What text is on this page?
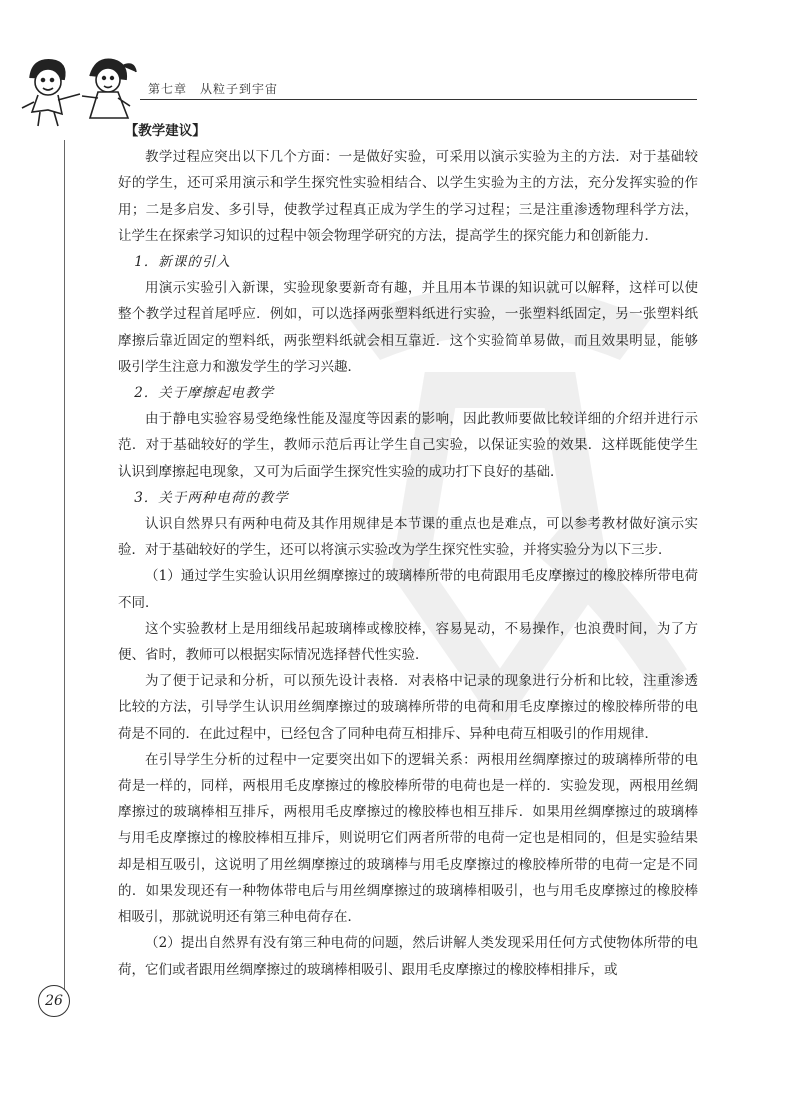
第七章　从粒子到宇宙

【教学建议】

教学过程应突出以下几个方面：一是做好实验，可采用以演示实验为主的方法．对于基础较好的学生，还可采用演示和学生探究性实验相结合、以学生实验为主的方法，充分发挥实验的作用；二是多启发、多引导，使教学过程真正成为学生的学习过程；三是注重渗透物理科学方法，让学生在探索学习知识的过程中领会物理学研究的方法，提高学生的探究能力和创新能力．

1．新课的引入

用演示实验引入新课，实验现象要新奇有趣，并且用本节课的知识就可以解释，这样可以使整个教学过程首尾呼应．例如，可以选择两张塑料纸进行实验，一张塑料纸固定，另一张塑料纸摩擦后靠近固定的塑料纸，两张塑料纸就会相互靠近．这个实验简单易做，而且效果明显，能够吸引学生注意力和激发学生的学习兴趣．

2．关于摩擦起电教学

由于静电实验容易受绝缘性能及湿度等因素的影响，因此教师要做比较详细的介绍并进行示范．对于基础较好的学生，教师示范后再让学生自己实验，以保证实验的效果．这样既能使学生认识到摩擦起电现象，又可为后面学生探究性实验的成功打下良好的基础．

3．关于两种电荷的教学

认识自然界只有两种电荷及其作用规律是本节课的重点也是难点，可以参考教材做好演示实验．对于基础较好的学生，还可以将演示实验改为学生探究性实验，并将实验分为以下三步．

（1）通过学生实验认识用丝绸摩擦过的玻璃棒所带的电荷跟用毛皮摩擦过的橡胶棒所带电荷不同．

这个实验教材上是用细线吊起玻璃棒或橡胶棒，容易晃动，不易操作，也浪费时间，为了方便、省时，教师可以根据实际情况选择替代性实验．

为了便于记录和分析，可以预先设计表格．对表格中记录的现象进行分析和比较，注重渗透比较的方法，引导学生认识用丝绸摩擦过的玻璃棒所带的电荷和用毛皮摩擦过的橡胶棒所带的电荷是不同的．在此过程中，已经包含了同种电荷互相排斥、异种电荷互相吸引的作用规律．

在引导学生分析的过程中一定要突出如下的逻辑关系：两根用丝绸摩擦过的玻璃棒所带的电荷是一样的，同样，两根用毛皮摩擦过的橡胶棒所带的电荷也是一样的．实验发现，两根用丝绸摩擦过的玻璃棒相互排斥，两根用毛皮摩擦过的橡胶棒也相互排斥．如果用丝绸摩擦过的玻璃棒与用毛皮摩擦过的橡胶棒相互排斥，则说明它们两者所带的电荷一定也是相同的，但是实验结果却是相互吸引，这说明了用丝绸摩擦过的玻璃棒与用毛皮摩擦过的橡胶棒所带的电荷一定是不同的．如果发现还有一种物体带电后与用丝绸摩擦过的玻璃棒相吸引，也与用毛皮摩擦过的橡胶棒相吸引，那就说明还有第三种电荷存在．

（2）提出自然界有没有第三种电荷的问题，然后讲解人类发现采用任何方式使物体所带的电荷，它们或者跟用丝绸摩擦过的玻璃棒相吸引、跟用毛皮摩擦过的橡胶棒相排斥，或

26
